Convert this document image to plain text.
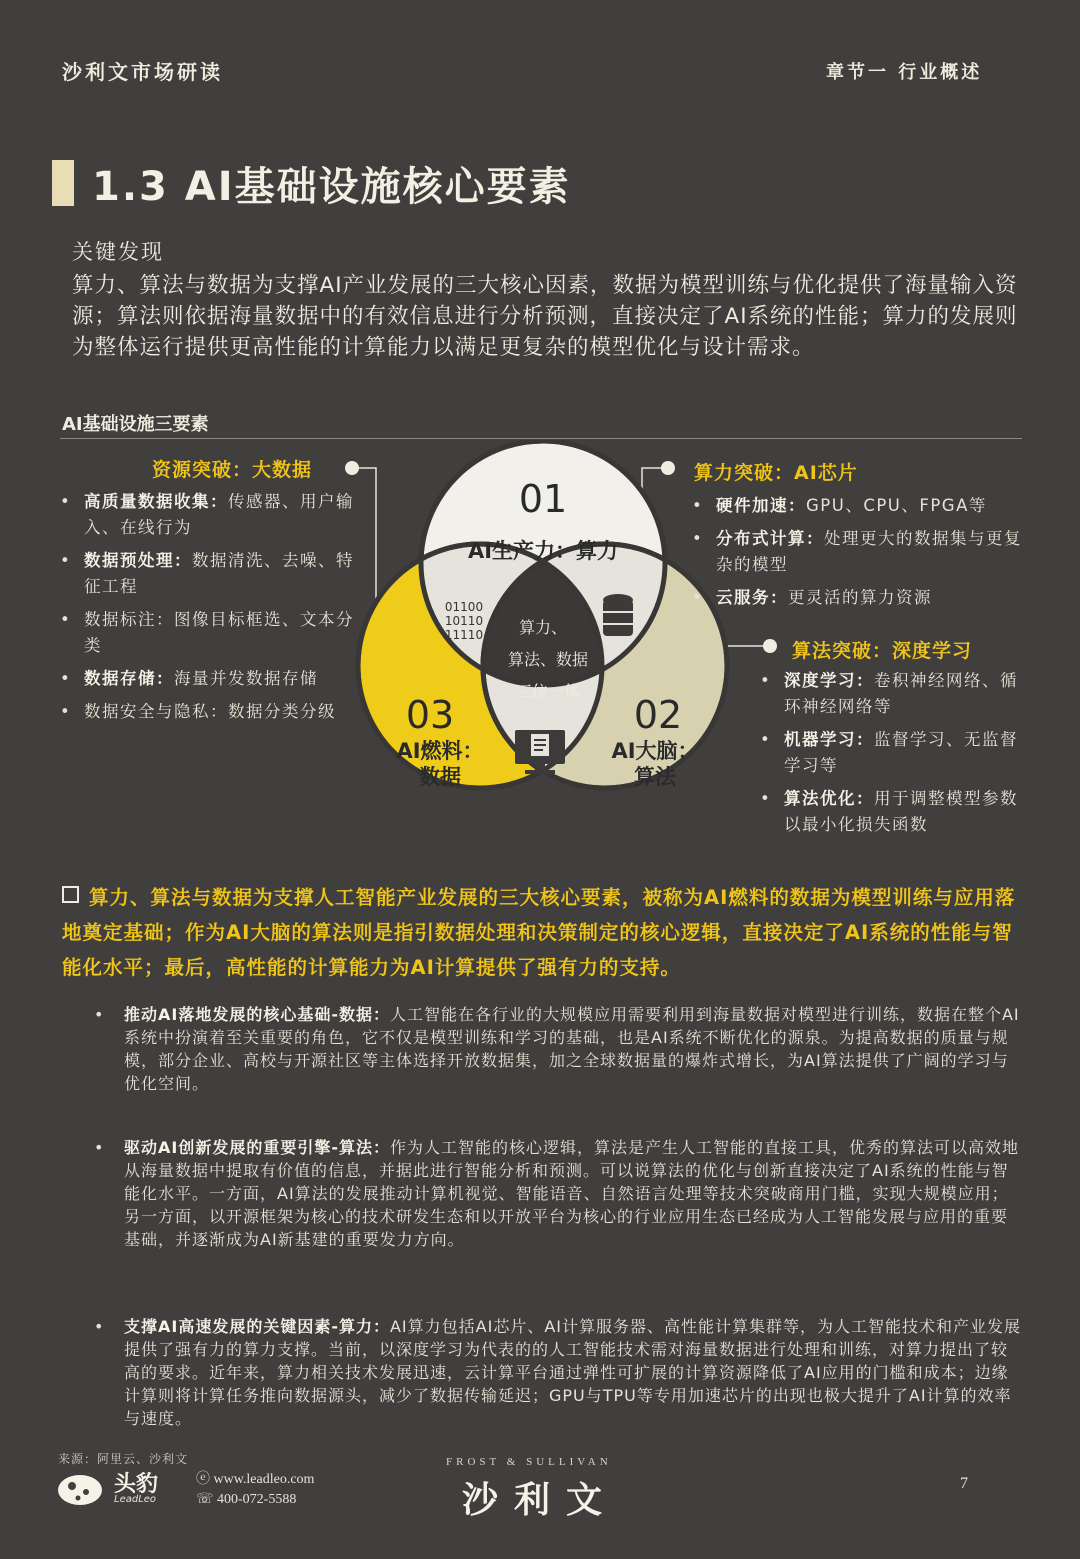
沙利文市场研读	章节一 行业概述
1.3 AI基础设施核心要素
关键发现
算力、算法与数据为支撑AI产业发展的三大核心因素，数据为模型训练与优化提供了海量输入资源；算法则依据海量数据中的有效信息进行分析预测，直接决定了AI系统的性能；算力的发展则为整体运行提供更高性能的计算能力以满足更复杂的模型优化与设计需求。
AI基础设施三要素
01
AI生产力：算力
03
AI燃料：
数据
02
AI大脑：
算法
算力、
算法、数据
三位一体
01100
10110
11110
资源突破：大数据	算力突破：AI芯片
算法突破：深度学习
• 高质量数据收集：传感器、用户输入、在线行为
• 数据预处理：数据清洗、去噪、特征工程
• 数据标注：图像目标框选、文本分类
• 数据存储：海量并发数据存储
• 数据安全与隐私：数据分类分级
• 硬件加速：GPU、CPU、FPGA等
• 分布式计算：处理更大的数据集与更复杂的模型
• 云服务：更灵活的算力资源
• 深度学习：卷积神经网络、循环神经网络等
• 机器学习：监督学习、无监督学习等
• 算法优化：用于调整模型参数以最小化损失函数
算力、算法与数据为支撑人工智能产业发展的三大核心要素，被称为AI燃料的数据为模型训练与应用落地奠定基础；作为AI大脑的算法则是指引数据处理和决策制定的核心逻辑，直接决定了AI系统的性能与智能化水平；最后，高性能的计算能力为AI计算提供了强有力的支持。
• 推动AI落地发展的核心基础-数据：人工智能在各行业的大规模应用需要利用到海量数据对模型进行训练，数据在整个AI系统中扮演着至关重要的角色，它不仅是模型训练和学习的基础，也是AI系统不断优化的源泉。为提高数据的质量与规模，部分企业、高校与开源社区等主体选择开放数据集，加之全球数据量的爆炸式增长，为AI算法提供了广阔的学习与优化空间。
• 驱动AI创新发展的重要引擎-算法：作为人工智能的核心逻辑，算法是产生人工智能的直接工具，优秀的算法可以高效地从海量数据中提取有价值的信息，并据此进行智能分析和预测。可以说算法的优化与创新直接决定了AI系统的性能与智能化水平。一方面，AI算法的发展推动计算机视觉、智能语音、自然语言处理等技术突破商用门槛，实现大规模应用；另一方面，以开源框架为核心的技术研发生态和以开放平台为核心的行业应用生态已经成为人工智能发展与应用的重要基础，并逐渐成为AI新基建的重要发力方向。
• 支撑AI高速发展的关键因素-算力：AI算力包括AI芯片、AI计算服务器、高性能计算集群等，为人工智能技术和产业发展提供了强有力的算力支撑。当前，以深度学习为代表的的人工智能技术需对海量数据进行处理和训练，对算力提出了较高的要求。近年来，算力相关技术发展迅速，云计算平台通过弹性可扩展的计算资源降低了AI应用的门槛和成本；边缘计算则将计算任务推向数据源头，减少了数据传输延迟；GPU与TPU等专用加速芯片的出现也极大提升了AI计算的效率与速度。
来源：阿里云、沙利文
头豹
LeadLeo
ⓔ www.leadleo.com
☏ 400-072-5588
FROST & SULLIVAN
沙利文	7
